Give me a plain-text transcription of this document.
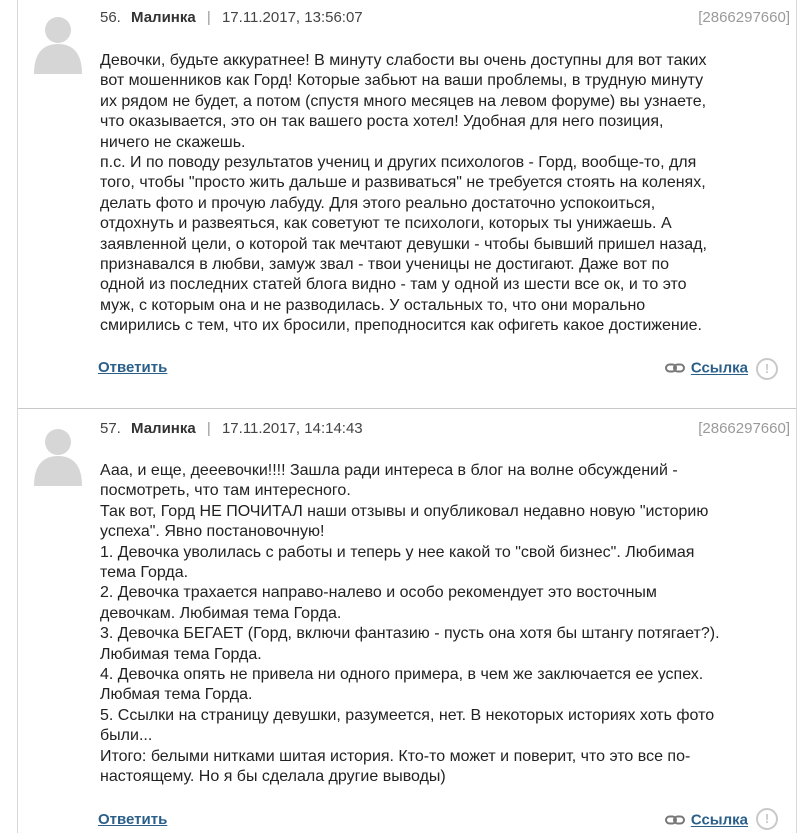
56. Малинка | 17.11.2017, 13:56:07	[2866297660]

Девочки, будьте аккуратнее! В минуту слабости вы очень доступны для вот таких

вот мошенников как Горд! Которые забьют на ваши проблемы, в трудную минуту

их рядом не будет, а потом (спустя много месяцев на левом форуме) вы узнаете,

что оказывается, это он так вашего роста хотел! Удобная для него позиция,

ничего не скажешь.

п.с. И по поводу результатов учениц и других психологов - Горд, вообще-то, для

того, чтобы "просто жить дальше и развиваться" не требуется стоять на коленях,

делать фото и прочую лабуду. Для этого реально достаточно успокоиться,

отдохнуть и развеяться, как советуют те психологи, которых ты унижаешь. А

заявленной цели, о которой так мечтают девушки - чтобы бывший пришел назад,

признавался в любви, замуж звал - твои ученицы не достигают. Даже вот по

одной из последних статей блога видно - там у одной из шести все ок, и то это

муж, с которым она и не разводилась. У остальных то, что они морально

смирились с тем, что их бросили, преподносится как офигеть какое достижение.

Ответить	Ссылка	!
57. Малинка | 17.11.2017, 14:14:43	[2866297660]

Ааа, и еще, дееевочки!!!! Зашла ради интереса в блог на волне обсуждений -

посмотреть, что там интересного.

Так вот, Горд НЕ ПОЧИТАЛ наши отзывы и опубликовал недавно новую "историю

успеха". Явно постановочную!

1. Девочка уволилась с работы и теперь у нее какой то "свой бизнес". Любимая

тема Горда.

2. Девочка трахается направо-налево и особо рекомендует это восточным

девочкам. Любимая тема Горда.

3. Девочка БЕГАЕТ (Горд, включи фантазию - пусть она хотя бы штангу потягает?).

Любимая тема Горда.

4. Девочка опять не привела ни одного примера, в чем же заключается ее успех.

Любмая тема Горда.

5. Ссылки на страницу девушки, разумеется, нет. В некоторых историях хоть фото

были...

Итого: белыми нитками шитая история. Кто-то может и поверит, что это все по-

настоящему. Но я бы сделала другие выводы)

Ответить	Ссылка	!
